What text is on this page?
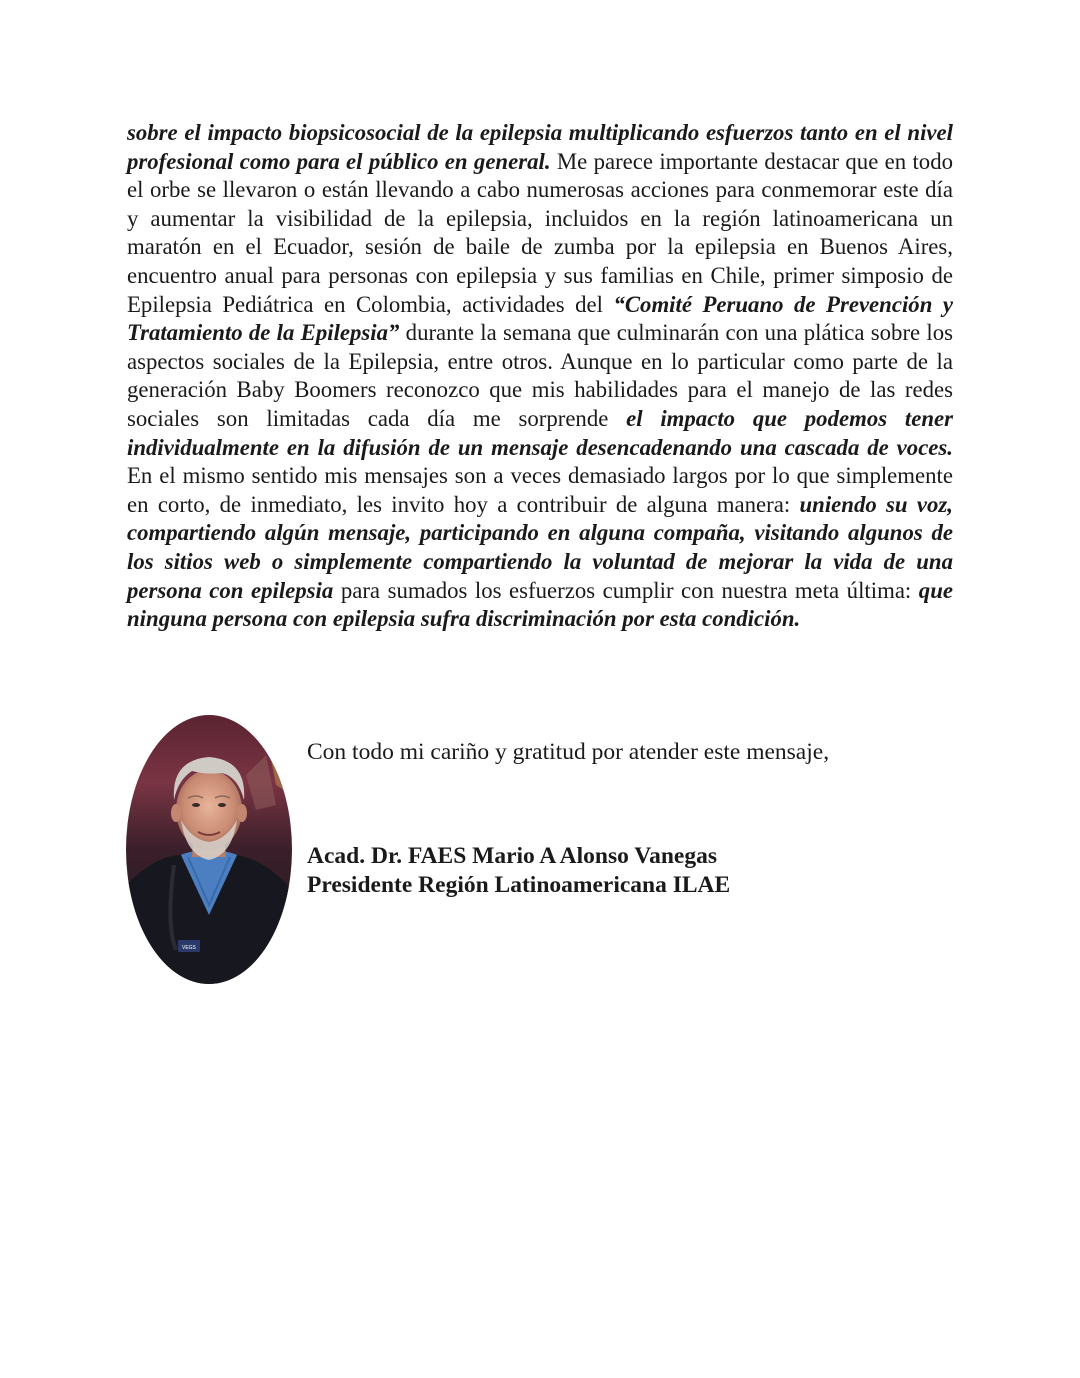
sobre el impacto biopsicosocial de la epilepsia multiplicando esfuerzos tanto en el nivel profesional como para el público en general. Me parece importante destacar que en todo el orbe se llevaron o están llevando a cabo numerosas acciones para conmemorar este día y aumentar la visibilidad de la epilepsia, incluidos en la región latinoamericana un maratón en el Ecuador, sesión de baile de zumba por la epilepsia en Buenos Aires, encuentro anual para personas con epilepsia y sus familias en Chile, primer simposio de Epilepsia Pediátrica en Colombia, actividades del “Comité Peruano de Prevención y Tratamiento de la Epilepsia” durante la semana que culminarán con una plática sobre los aspectos sociales de la Epilepsia, entre otros. Aunque en lo particular como parte de la generación Baby Boomers reconozco que mis habilidades para el manejo de las redes sociales son limitadas cada día me sorprende el impacto que podemos tener individualmente en la difusión de un mensaje desencadenando una cascada de voces. En el mismo sentido mis mensajes son a veces demasiado largos por lo que simplemente en corto, de inmediato, les invito hoy a contribuir de alguna manera: uniendo su voz, compartiendo algún mensaje, participando en alguna compaña, visitando algunos de los sitios web o simplemente compartiendo la voluntad de mejorar la vida de una persona con epilepsia para sumados los esfuerzos cumplir con nuestra meta última: que ninguna persona con epilepsia sufra discriminación por esta condición.

VEGS

Con todo mi cariño y gratitud por atender este mensaje,

Acad. Dr. FAES Mario A Alonso Vanegas
Presidente Región Latinoamericana ILAE
